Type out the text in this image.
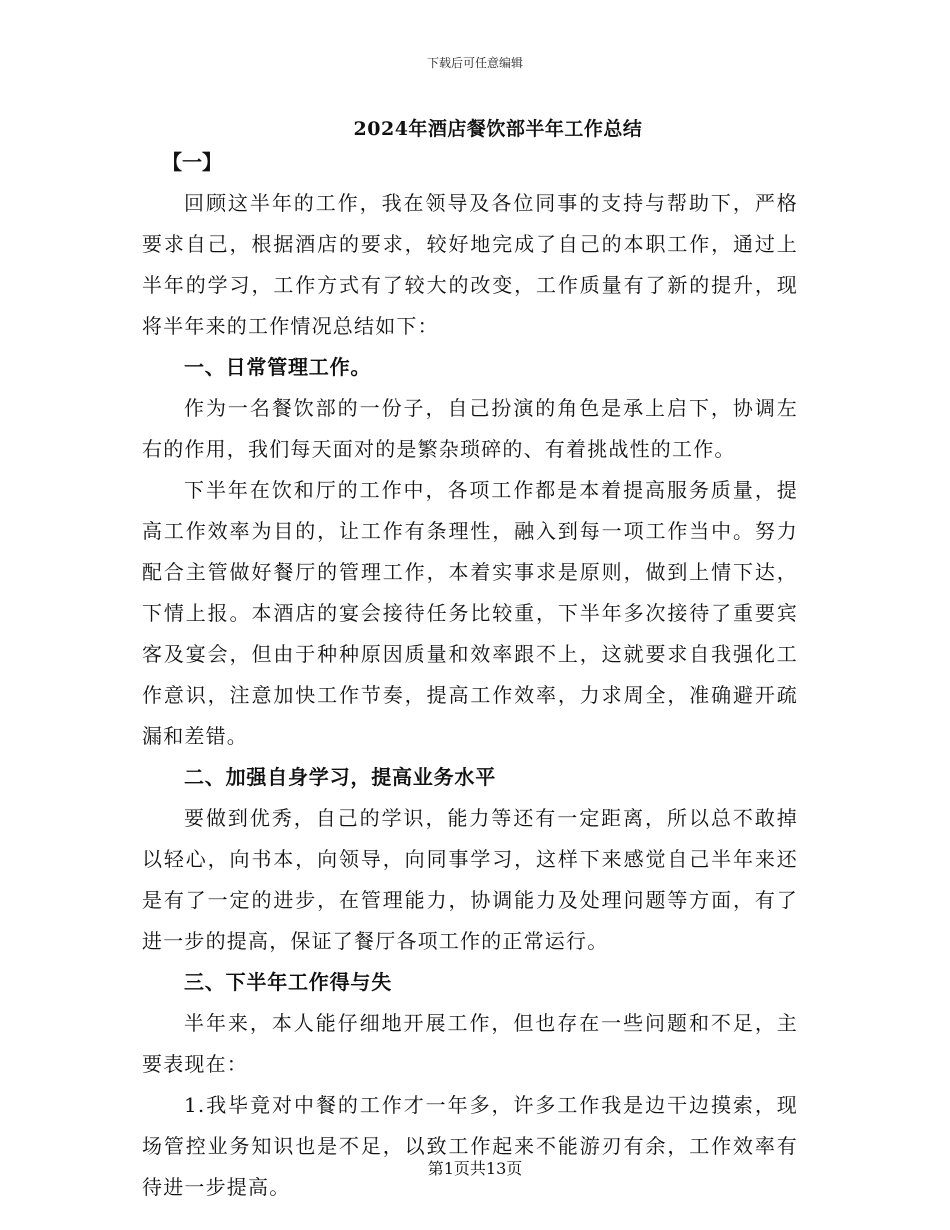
下载后可任意编辑
2024年酒店餐饮部半年工作总结
【一】

回顾这半年的工作，我在领导及各位同事的支持与帮助下，严格要求自己，根据酒店的要求，较好地完成了自己的本职工作，通过上半年的学习，工作方式有了较大的改变，工作质量有了新的提升，现将半年来的工作情况总结如下：

一、日常管理工作。

作为一名餐饮部的一份子，自己扮演的角色是承上启下，协调左右的作用，我们每天面对的是繁杂琐碎的、有着挑战性的工作。

下半年在饮和厅的工作中，各项工作都是本着提高服务质量，提高工作效率为目的，让工作有条理性，融入到每一项工作当中。努力配合主管做好餐厅的管理工作，本着实事求是原则，做到上情下达，下情上报。本酒店的宴会接待任务比较重，下半年多次接待了重要宾客及宴会，但由于种种原因质量和效率跟不上，这就要求自我强化工作意识，注意加快工作节奏，提高工作效率，力求周全，准确避开疏漏和差错。

二、加强自身学习，提高业务水平

要做到优秀，自己的学识，能力等还有一定距离，所以总不敢掉以轻心，向书本，向领导，向同事学习，这样下来感觉自己半年来还是有了一定的进步，在管理能力，协调能力及处理问题等方面，有了进一步的提高，保证了餐厅各项工作的正常运行。

三、下半年工作得与失

半年来，本人能仔细地开展工作，但也存在一些问题和不足，主要表现在：

1.我毕竟对中餐的工作才一年多，许多工作我是边干边摸索，现场管控业务知识也是不足，以致工作起来不能游刃有余，工作效率有待进一步提高。

第1页共13页
